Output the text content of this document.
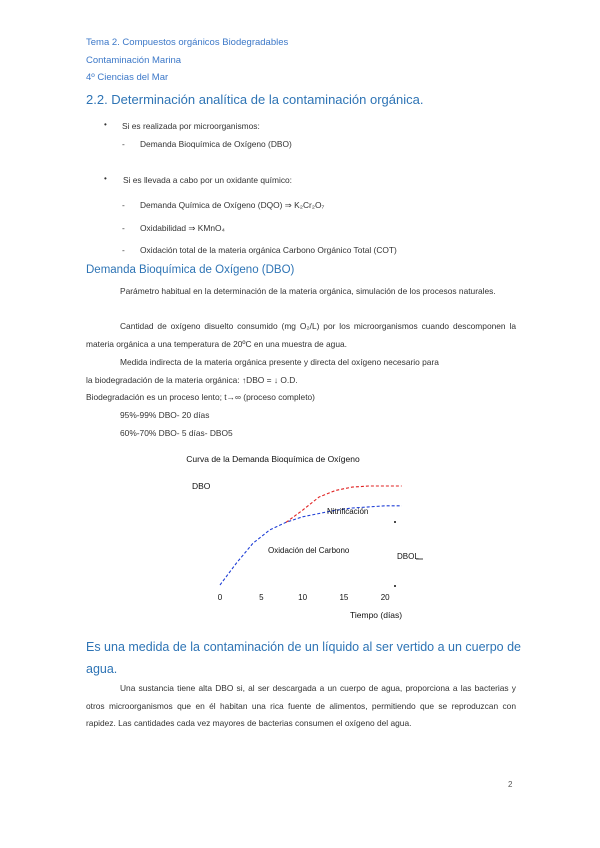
Tema 2. Compuestos orgánicos Biodegradables
Contaminación Marina
4º Ciencias del Mar
2.2. Determinación analítica de la contaminación orgánica.
• Si es realizada por microorganismos:
- Demanda Bioquímica de Oxígeno (DBO)
• Si es llevada a cabo por un oxidante químico:
- Demanda Química de Oxígeno (DQO) ⇒ K₂Cr₂O₇
- Oxidabilidad ⇒ KMnO₄
- Oxidación total de la materia orgánica Carbono Orgánico Total (COT)
Demanda Bioquímica de Oxígeno (DBO)
Parámetro habitual en la determinación de la materia orgánica, simulación de los procesos naturales.
Cantidad de oxígeno disuelto consumido (mg O₂/L) por los microorganismos cuando descomponen la materia orgánica a una temperatura de 20ºC en una muestra de agua.
Medida indirecta de la materia orgánica presente y directa del oxígeno necesario para
la biodegradación de la materia orgánica: ↑DBO = ↓ O.D.
Biodegradación es un proceso lento; t→∞ (proceso completo)
95%-99% DBO- 20 días
60%-70% DBO- 5 días- DBO5
Curva de la Demanda Bioquímica de Oxígeno
DBO
0	5	10	15	20
Nitrificación
Oxidación del Carbono
DBOL
Tiempo (días)
Es una medida de la contaminación de un líquido al ser vertido a un cuerpo de agua.
Una sustancia tiene alta DBO si, al ser descargada a un cuerpo de agua, proporciona a las bacterias y otros microorganismos que en él habitan una rica fuente de alimentos, permitiendo que se reproduzcan con rapidez. Las cantidades cada vez mayores de bacterias consumen el oxígeno del agua.
2
